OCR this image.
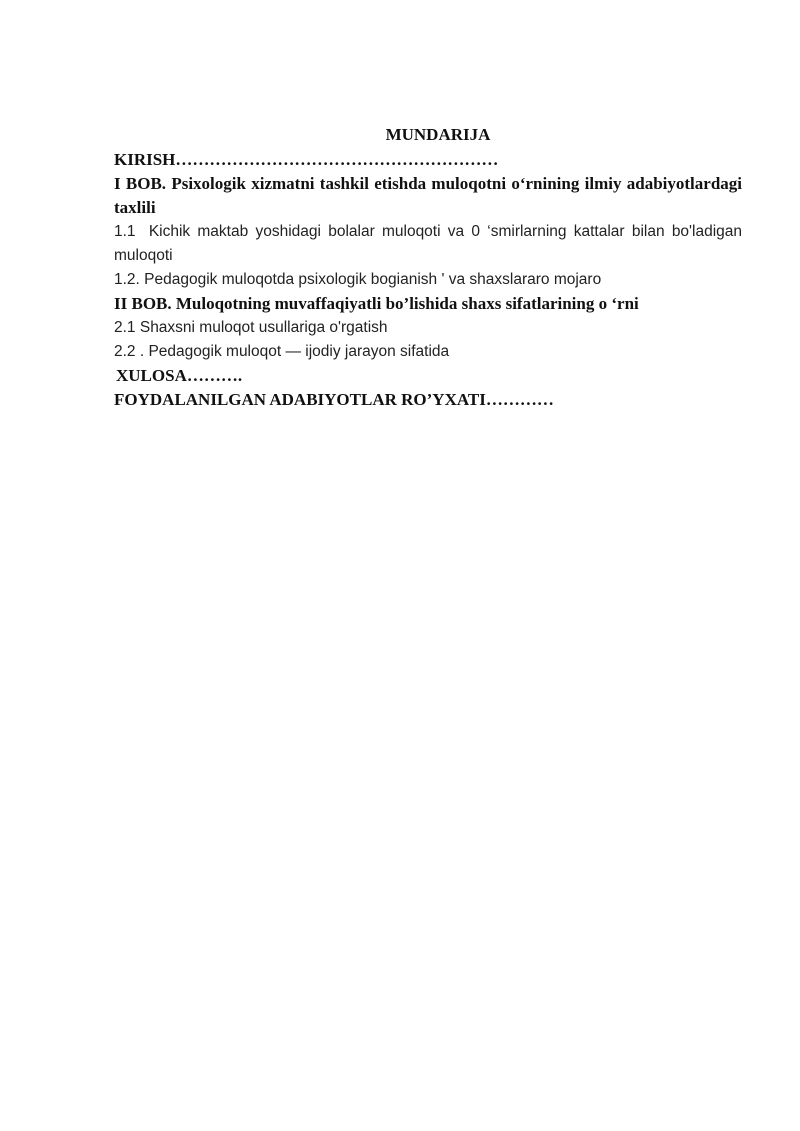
MUNDARIJA

KIRISH…………………………………………………

I BOB. Psixologik xizmatni tashkil etishda muloqotni o‘rnining ilmiy adabiyotlardagi taxlili

1.1 Kichik maktab yoshidagi bolalar muloqoti va 0 ‘smirlarning kattalar bilan bo'ladigan muloqoti

1.2. Pedagogik muloqotda psixologik bogianish ' va shaxslararo mojaro

II BOB. Muloqotning muvaffaqiyatli bo’lishida shaxs sifatlarining o ‘rni

2.1 Shaxsni muloqot usullariga o'rgatish

2.2 . Pedagogik muloqot — ijodiy jarayon sifatida

XULOSA……….

FOYDALANILGAN ADABIYOTLAR RO’YXATI…………
